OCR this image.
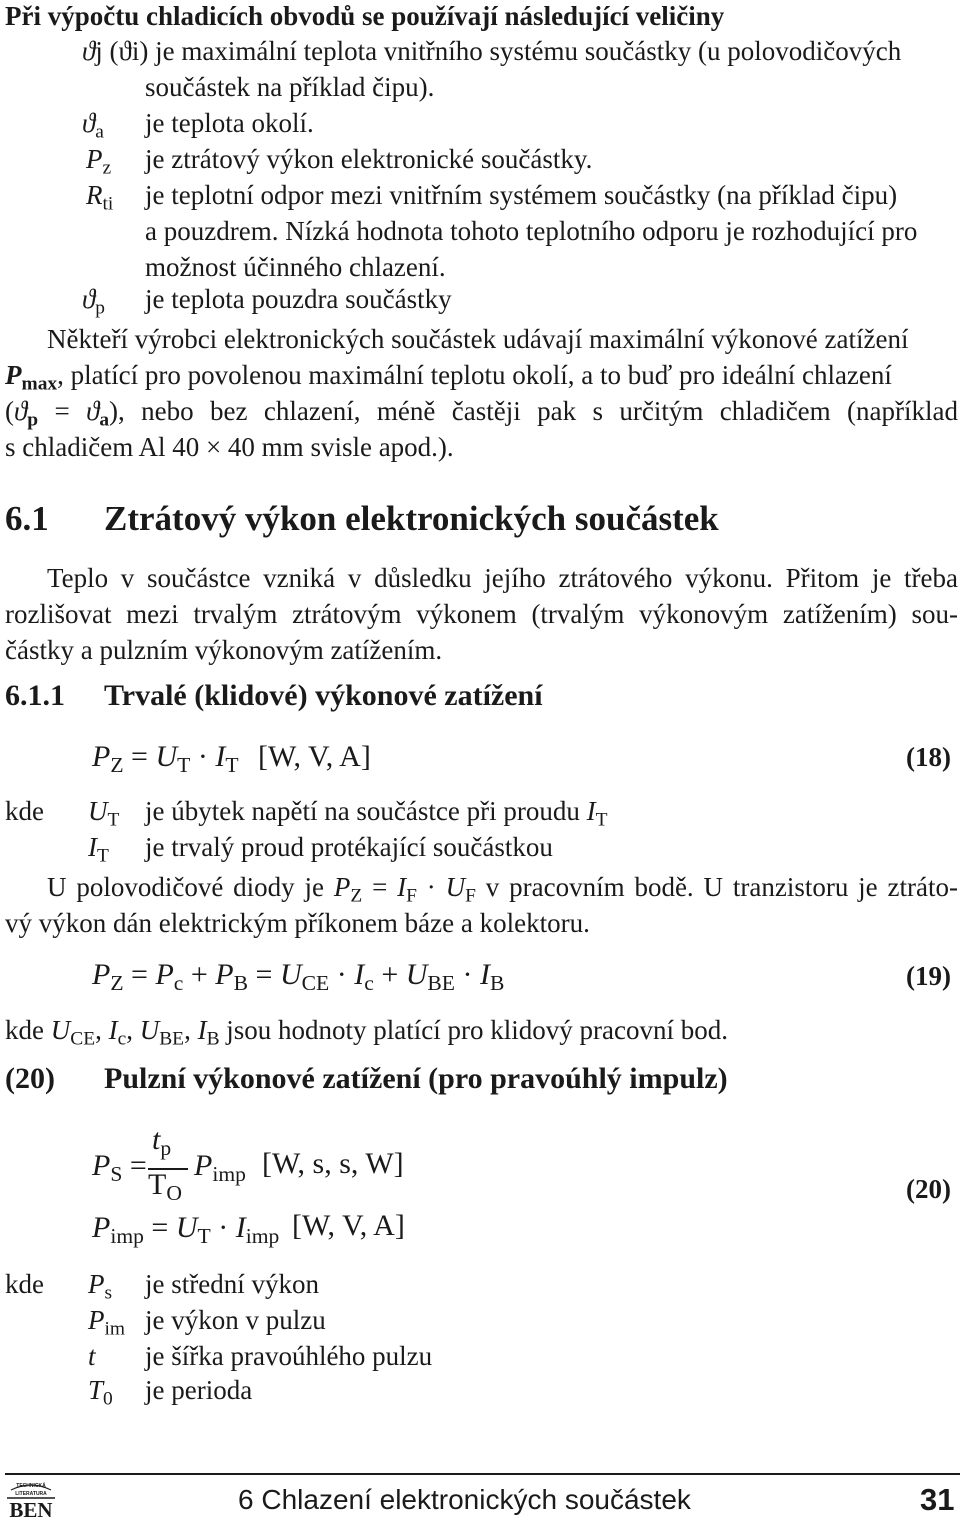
Při výpočtu chladicích obvodů se používají následující veličiny
ϑj (ϑi) je maximální teplota vnitřního systému součástky (u polovodičových
součástek na příklad čipu).
$ϑ_a$ je teplota okolí.
$P_z$ je ztrátový výkon elektronické součástky.
$R_{ti}$ je teplotní odpor mezi vnitřním systémem součástky (na příklad čipu)
a pouzdrem. Nízká hodnota tohoto teplotního odporu je rozhodující pro
možnost účinného chlazení.
$ϑ_p$ je teplota pouzdra součástky
Někteří výrobci elektronických součástek udávají maximální výkonové zatížení
$P_{max}$, platící pro povolenou maximální teplotu okolí, a to buď pro ideální chlazení
$(ϑ_p = ϑ_a)$, nebo bez chlazení, méně častěji pak s určitým chladičem (například
s chladičem Al 40 × 40 mm svisle apod.).
6.1 Ztrátový výkon elektronických součástek
Teplo v součástce vzniká v důsledku jejího ztrátového výkonu. Přitom je třeba
rozlišovat mezi trvalým ztrátovým výkonem (trvalým výkonovým zatížením) sou-
částky a pulzním výkonovým zatížením.
6.1.1 Trvalé (klidové) výkonové zatížení
$P_Z = U_T \cdot I_T$ [W, V, A]	(18)
kde $U_T$ je úbytek napětí na součástce při proudu $I_T$
$I_T$ je trvalý proud protékající součástkou
U polovodičové diody je $P_Z = I_F \cdot U_F$ v pracovním bodě. U tranzistoru je ztráto-
vý výkon dán elektrickým příkonem báze a kolektoru.
$P_Z = P_c + P_B = U_{CE} \cdot I_c + U_{BE} \cdot I_B$	(19)
kde $U_{CE}$, $I_c$, $U_{BE}$, $I_B$ jsou hodnoty platící pro klidový pracovní bod.
(20) Pulzní výkonové zatížení (pro pravoúhlý impulz)
$P_S$ =
$t_p$
$T_O$
$P_{imp}$ [W, s, s, W]
$P_{imp} = U_T \cdot I_{imp}$ [W, V, A]
(20)
kde $P_s$ je střední výkon
$P_{im}$ je výkon v pulzu
t je šířka pravoúhlého pulzu
$T_0$ je perioda
TECHNICKÁ
LITERATURA
BEN	6 Chlazení elektronických součástek	31
